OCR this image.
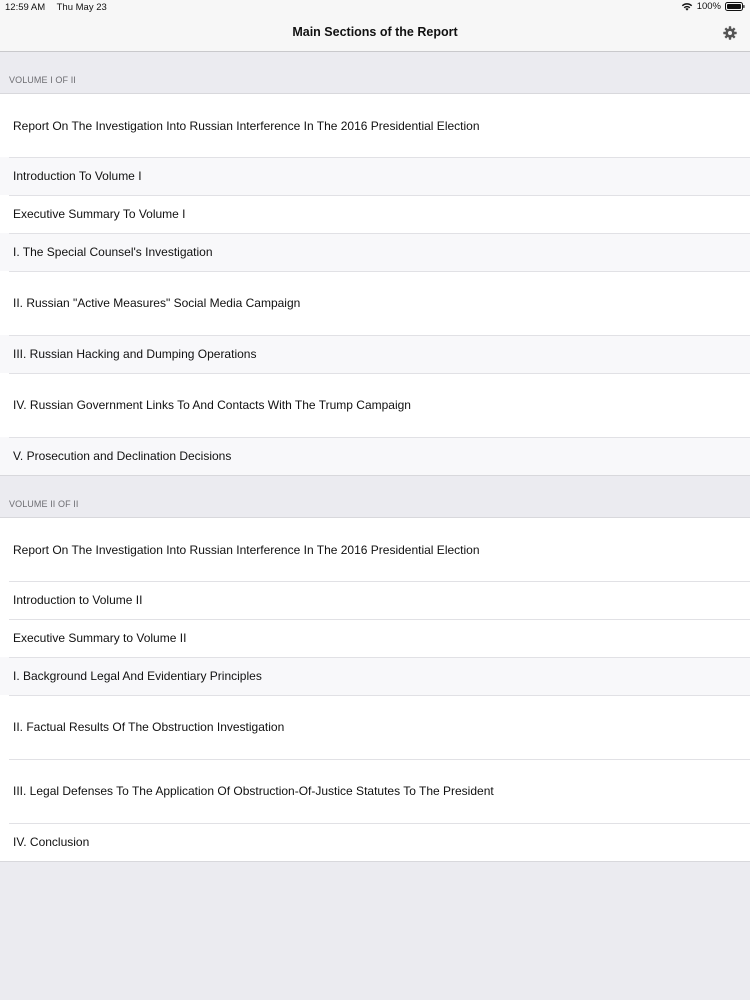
12:59 AM Thu May 23	100%
Main Sections of the Report
VOLUME I OF II
Report On The Investigation Into Russian Interference In The 2016 Presidential Election
Introduction To Volume I
Executive Summary To Volume I
I. The Special Counsel's Investigation
II. Russian "Active Measures" Social Media Campaign
III. Russian Hacking and Dumping Operations
IV. Russian Government Links To And Contacts With The Trump Campaign
V. Prosecution and Declination Decisions
VOLUME II OF II
Report On The Investigation Into Russian Interference In The 2016 Presidential Election
Introduction to Volume II
Executive Summary to Volume II
I. Background Legal And Evidentiary Principles
II. Factual Results Of The Obstruction Investigation
III. Legal Defenses To The Application Of Obstruction-Of-Justice Statutes To The President
IV. Conclusion
